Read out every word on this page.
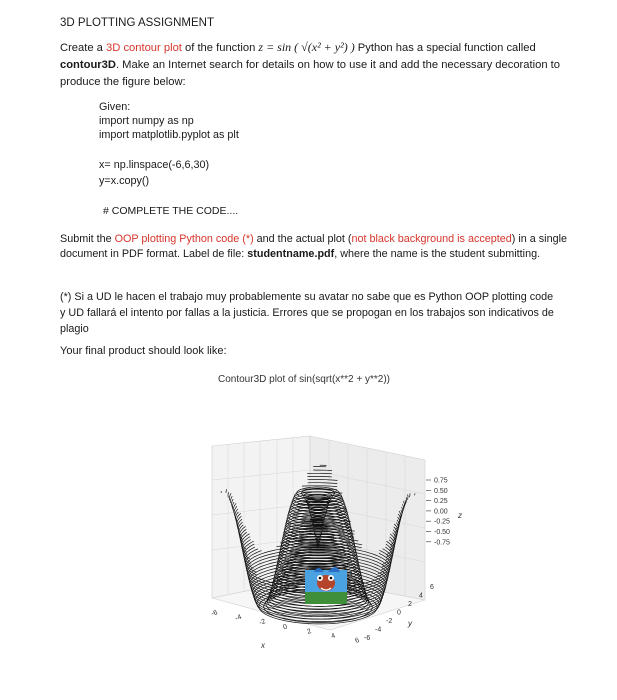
3D PLOTTING ASSIGNMENT
Create a 3D contour plot of the function z = sin ( √(x² + y²) ) Python has a special function called contour3D. Make an Internet search for details on how to use it and add the necessary decoration to produce the figure below:
Given:
import numpy as np
import matplotlib.pyplot as plt
x= np.linspace(-6,6,30)
y=x.copy()
# COMPLETE THE CODE....
Submit the OOP plotting Python code (*) and the actual plot (not black background is accepted) in a single document in PDF format. Label de file: studentname.pdf, where the name is the student submitting.
(*) Si a UD le hacen el trabajo muy probablemente su avatar no sabe que es Python OOP plotting code y UD fallará el intento por fallas a la justicia. Errores que se propogan en los trabajos son indicativos de plagio
Your final product should look like:
Contour3D plot of sin(sqrt(x**2 + y**2))
0.75
0.50
0.25
0.00
-0.25
-0.50
-0.75
z
-6
-4
-2
0
2
4
6
x
6
4
2
0
-2
-4
-6
y
